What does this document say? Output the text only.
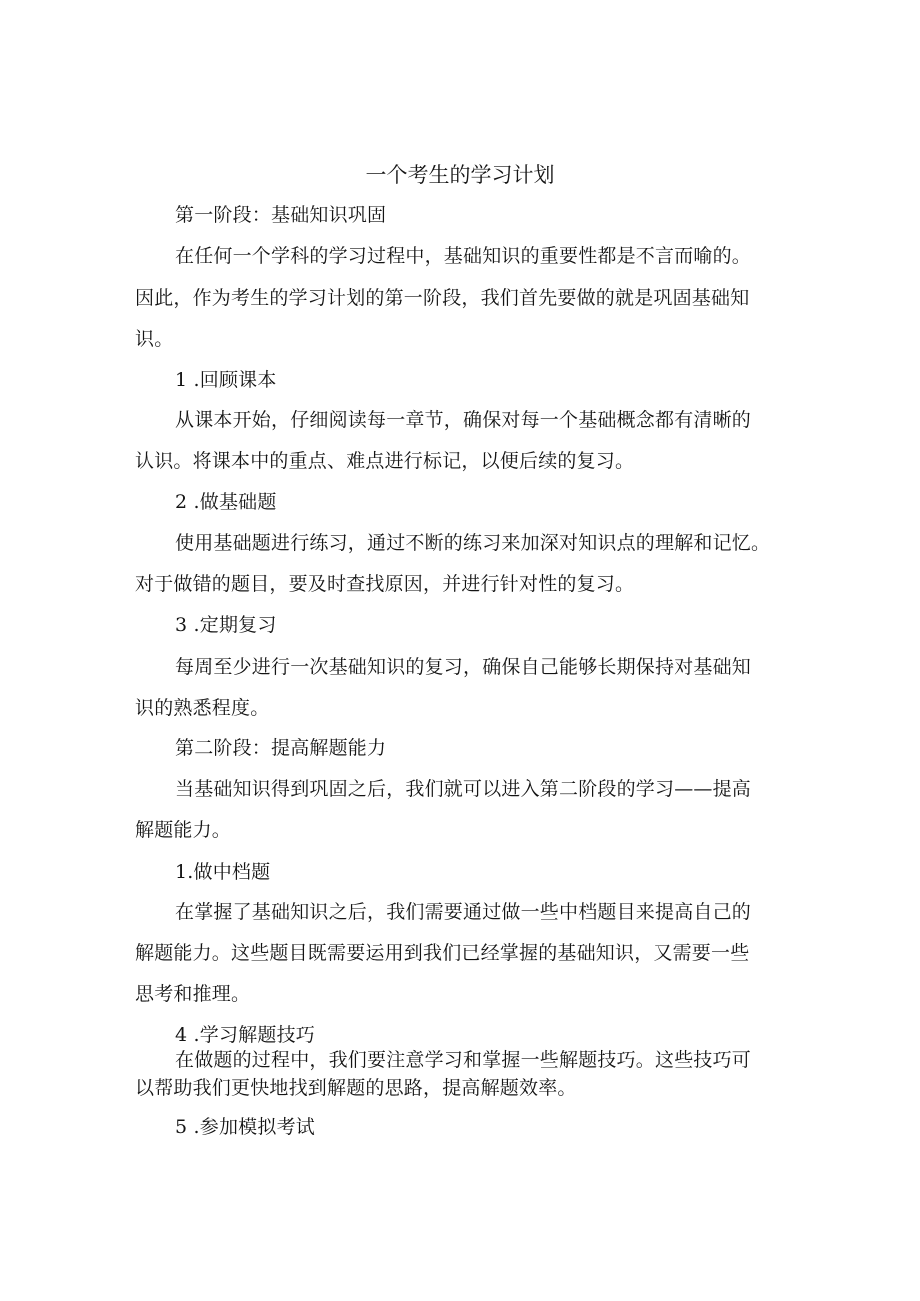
一个考生的学习计划
第一阶段：基础知识巩固
在任何一个学科的学习过程中，基础知识的重要性都是不言而喻的。
因此，作为考生的学习计划的第一阶段，我们首先要做的就是巩固基础知
识。
1 .回顾课本
从课本开始，仔细阅读每一章节，确保对每一个基础概念都有清晰的
认识。将课本中的重点、难点进行标记，以便后续的复习。
2 .做基础题
使用基础题进行练习，通过不断的练习来加深对知识点的理解和记忆。
对于做错的题目，要及时查找原因，并进行针对性的复习。
3 .定期复习
每周至少进行一次基础知识的复习，确保自己能够长期保持对基础知
识的熟悉程度。
第二阶段：提高解题能力
当基础知识得到巩固之后，我们就可以进入第二阶段的学习——提高
解题能力。
1.做中档题
在掌握了基础知识之后，我们需要通过做一些中档题目来提高自己的
解题能力。这些题目既需要运用到我们已经掌握的基础知识，又需要一些
思考和推理。
4 .学习解题技巧
在做题的过程中，我们要注意学习和掌握一些解题技巧。这些技巧可
以帮助我们更快地找到解题的思路，提高解题效率。
5 .参加模拟考试
